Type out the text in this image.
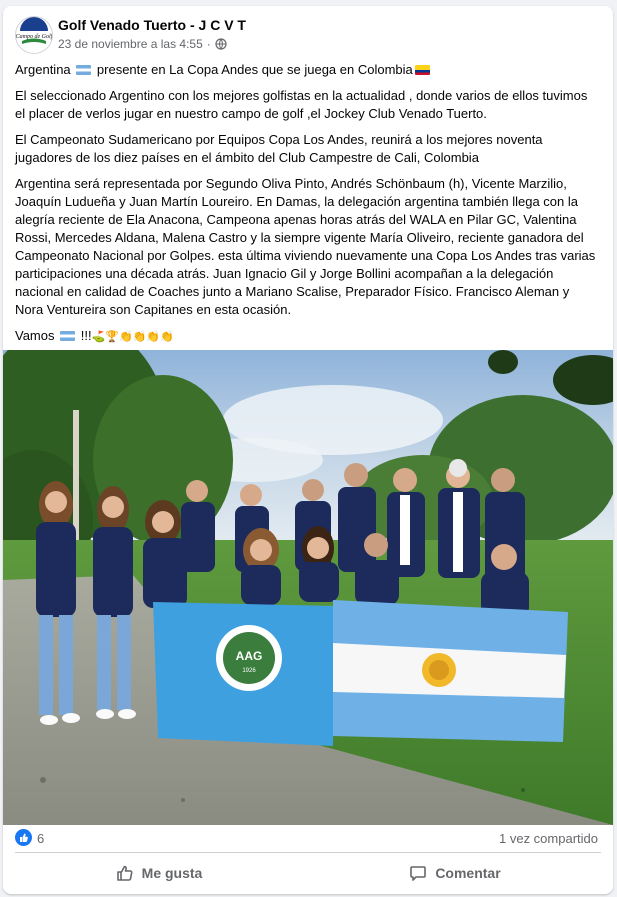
Campo de Golf
Golf Venado Tuerto - J C V T
23 de noviembre a las 4:55 ·

Argentina presente en La Copa Andes que se juega en Colombia

El seleccionado Argentino con los mejores golfistas en la actualidad , donde varios de ellos tuvimos el placer de verlos jugar en nuestro campo de golf ,el Jockey Club Venado Tuerto.

El Campeonato Sudamericano por Equipos Copa Los Andes, reunirá a los mejores noventa jugadores de los diez países en el ámbito del Club Campestre de Cali, Colombia

Argentina será representada por Segundo Oliva Pinto, Andrés Schönbaum (h), Vicente Marzilio, Joaquín Ludueña y Juan Martín Loureiro. En Damas, la delegación argentina también llega con la alegría reciente de Ela Anacona, Campeona apenas horas atrás del WALA en Pilar GC, Valentina Rossi, Mercedes Aldana, Malena Castro y la siempre vigente María Oliveiro, reciente ganadora del Campeonato Nacional por Golpes. esta última viviendo nuevamente una Copa Los Andes tras varias participaciones una década atrás. Juan Ignacio Gil y Jorge Bollini acompañan a la delegación nacional en calidad de Coaches junto a Mariano Scalise, Preparador Físico. Francisco Aleman y Nora Ventureira son Capitanes en esta ocasión.

Vamos !!!⛳🏆👏👏👏👏

AAG
1926
6	1 vez compartido
Me gusta	Comentar
